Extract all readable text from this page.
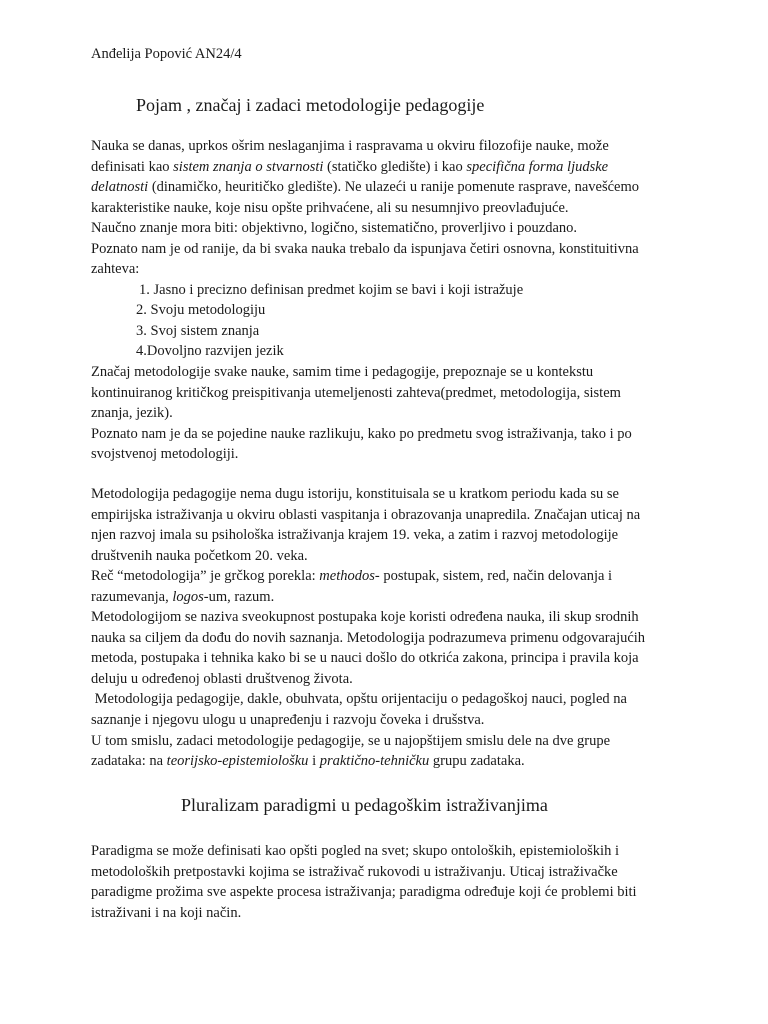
Anđelija Popović AN24/4

Pojam , značaj i zadaci metodologije pedagogije
Nauka se danas, uprkos ošrim neslaganjima i raspravama u okviru filozofije nauke, može
definisati kao sistem znanja o stvarnosti (statičko gledište) i kao specifična forma ljudske
delatnosti (dinamičko, heuritičko gledište). Ne ulazeći u ranije pomenute rasprave, navešćemo
karakteristike nauke, koje nisu opšte prihvaćene, ali su nesumnjivo preovlađujuće.
Naučno znanje mora biti: objektivno, logično, sistematično, proverljivo i pouzdano.
Poznato nam je od ranije, da bi svaka nauka trebalo da ispunjava četiri osnovna, konstituitivna
zahteva:
1. Jasno i precizno definisan predmet kojim se bavi i koji istražuje
2. Svoju metodologiju
3. Svoj sistem znanja
4.Dovoljno razvijen jezik
Značaj metodologije svake nauke, samim time i pedagogije, prepoznaje se u kontekstu
kontinuiranog kritičkog preispitivanja utemeljenosti zahteva(predmet, metodologija, sistem
znanja, jezik).
Poznato nam je da se pojedine nauke razlikuju, kako po predmetu svog istraživanja, tako i po
svojstvenoj metodologiji.
Metodologija pedagogije nema dugu istoriju, konstituisala se u kratkom periodu kada su se
empirijska istraživanja u okviru oblasti vaspitanja i obrazovanja unapredila. Značajan uticaj na
njen razvoj imala su psihološka istraživanja krajem 19. veka, a zatim i razvoj metodologije
društvenih nauka početkom 20. veka.
Reč “metodologija” je grčkog porekla: methodos- postupak, sistem, red, način delovanja i
razumevanja, logos-um, razum.
Metodologijom se naziva sveokupnost postupaka koje koristi određena nauka, ili skup srodnih
nauka sa ciljem da dođu do novih saznanja. Metodologija podrazumeva primenu odgovarajućih
metoda, postupaka i tehnika kako bi se u nauci došlo do otkrića zakona, principa i pravila koja
deluju u određenoj oblasti društvenog života.
Metodologija pedagogije, dakle, obuhvata, opštu orijentaciju o pedagoškoj nauci, pogled na
saznanje i njegovu ulogu u unapređenju i razvoju čoveka i drušstva.
U tom smislu, zadaci metodologije pedagogije, se u najopštijem smislu dele na dve grupe
zadataka: na teorijsko-epistemiološku i praktično-tehničku grupu zadataka.
Pluralizam paradigmi u pedagoškim istraživanjima
Paradigma se može definisati kao opšti pogled na svet; skupo ontoloških, epistemioloških i
metodoloških pretpostavki kojima se istraživač rukovodi u istraživanju. Uticaj istraživačke
paradigme prožima sve aspekte procesa istraživanja; paradigma određuje koji će problemi biti
istraživani i na koji način.
